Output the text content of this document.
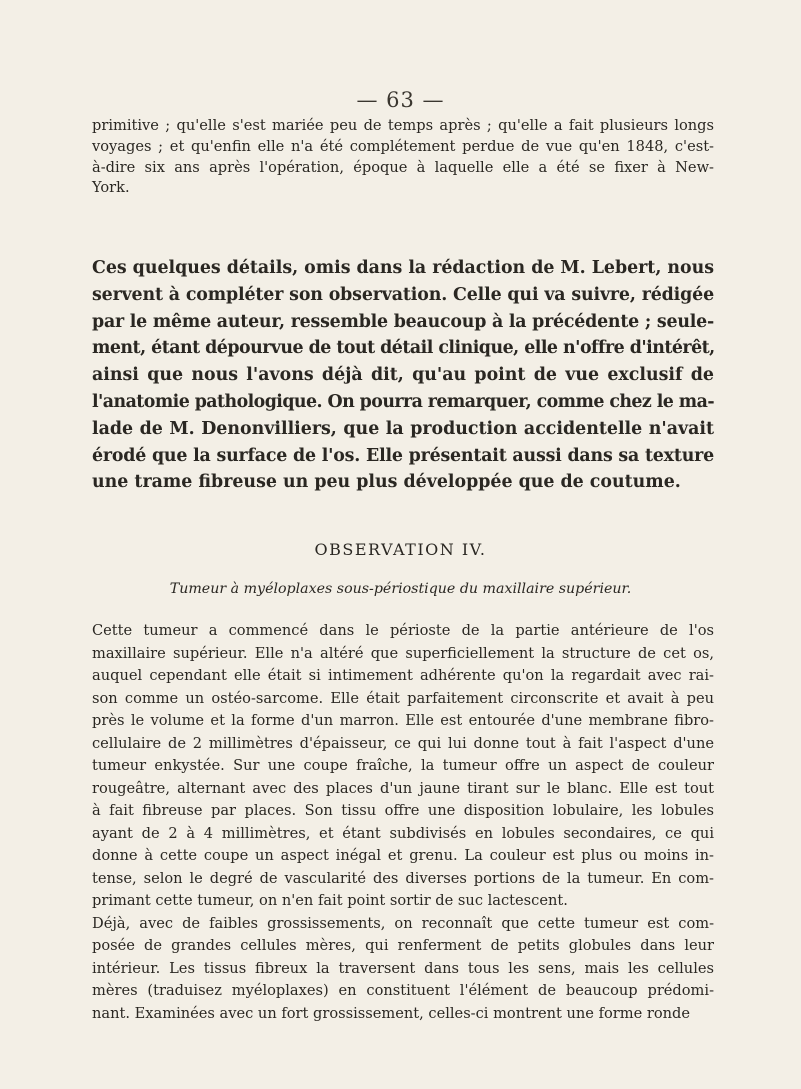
— 63 —
primitive ; qu'elle s'est mariée peu de temps après ; qu'elle a fait plusieurs longs
voyages ; et qu'enfin elle n'a été complétement perdue de vue qu'en 1848, c'est-
à-dire six ans après l'opération, époque à laquelle elle a été se fixer à New-
York.
Ces quelques détails, omis dans la rédaction de M. Lebert, nous
servent à compléter son observation. Celle qui va suivre, rédigée
par le même auteur, ressemble beaucoup à la précédente ; seule-
ment, étant dépourvue de tout détail clinique, elle n'offre d'intérêt,
ainsi que nous l'avons déjà dit, qu'au point de vue exclusif de
l'anatomie pathologique. On pourra remarquer, comme chez le ma-
lade de M. Denonvilliers, que la production accidentelle n'avait
érodé que la surface de l'os. Elle présentait aussi dans sa texture
une trame fibreuse un peu plus développée que de coutume.
OBSERVATION IV.
Tumeur à myéloplaxes sous-périostique du maxillaire supérieur.
Cette tumeur a commencé dans le périoste de la partie antérieure de l'os
maxillaire supérieur. Elle n'a altéré que superficiellement la structure de cet os,
auquel cependant elle était si intimement adhérente qu'on la regardait avec rai-
son comme un ostéo-sarcome. Elle était parfaitement circonscrite et avait à peu
près le volume et la forme d'un marron. Elle est entourée d'une membrane fibro-
cellulaire de 2 millimètres d'épaisseur, ce qui lui donne tout à fait l'aspect d'une
tumeur enkystée. Sur une coupe fraîche, la tumeur offre un aspect de couleur
rougeâtre, alternant avec des places d'un jaune tirant sur le blanc. Elle est tout
à fait fibreuse par places. Son tissu offre une disposition lobulaire, les lobules
ayant de 2 à 4 millimètres, et étant subdivisés en lobules secondaires, ce qui
donne à cette coupe un aspect inégal et grenu. La couleur est plus ou moins in-
tense, selon le degré de vascularité des diverses portions de la tumeur. En com-
primant cette tumeur, on n'en fait point sortir de suc lactescent.
Déjà, avec de faibles grossissements, on reconnaît que cette tumeur est com-
posée de grandes cellules mères, qui renferment de petits globules dans leur
intérieur. Les tissus fibreux la traversent dans tous les sens, mais les cellules
mères (traduisez myéloplaxes) en constituent l'élément de beaucoup prédomi-
nant. Examinées avec un fort grossissement, celles-ci montrent une forme ronde
